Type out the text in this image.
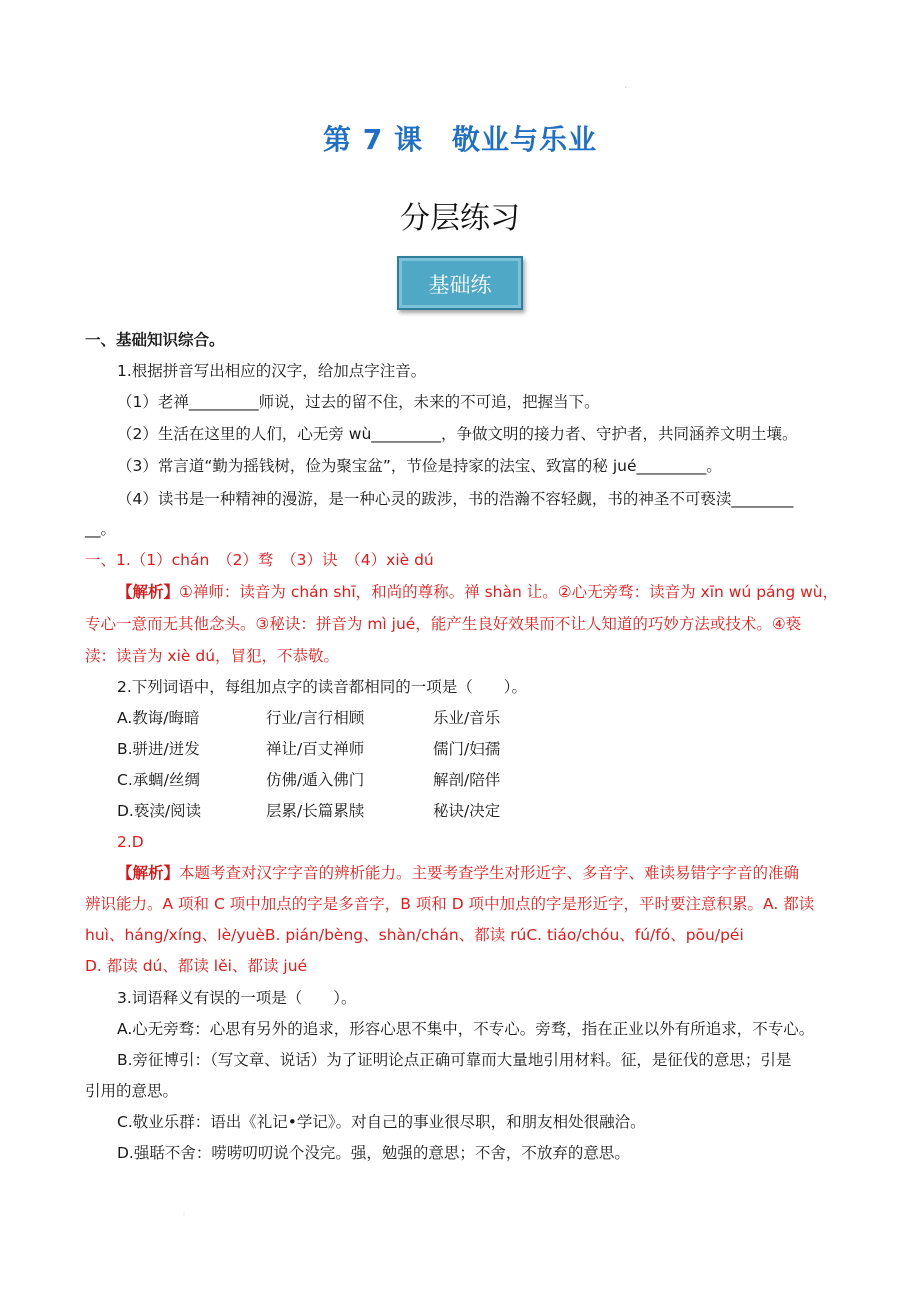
'
:
第 7 课　敬业与乐业
分层练习
基础练
一、基础知识综合。
1.根据拼音写出相应的汉字，给加点字注音。
（1）老禅_________师说，过去的留不住，未来的不可追，把握当下。
（2）生活在这里的人们，心无旁 wù_________，争做文明的接力者、守护者，共同涵养文明土壤。
（3）常言道“勤为摇钱树，俭为聚宝盆”，节俭是持家的法宝、致富的秘 jué_________。
（4）读书是一种精神的漫游，是一种心灵的跋涉，书的浩瀚不容轻觑，书的神圣不可亵渎________
__。
一、1.（1）chán　（2）骛　（3）诀　（4）xiè dú
【解析】①禅师：读音为 chán shī，和尚的尊称。禅 shàn 让。②心无旁骛：读音为 xīn wú páng wù，
专心一意而无其他念头。③秘诀：拼音为 mì jué，能产生良好效果而不让人知道的巧妙方法或技术。④亵
渎：读音为 xiè dú，冒犯，不恭敬。
2.下列词语中，每组加点字的读音都相同的一项是（　　）。
A.教诲/晦暗	行业/言行相顾	乐业/音乐
B.骈进/迸发	禅让/百丈禅师	儒门/妇孺
C.承蜩/丝绸	仿佛/遁入佛门	解剖/陪伴
D.亵渎/阅读	层累/长篇累牍	秘诀/决定
2.D
【解析】本题考查对汉字字音的辨析能力。主要考查学生对形近字、多音字、难读易错字字音的准确
辨识能力。A 项和 C 项中加点的字是多音字，B 项和 D 项中加点的字是形近字，平时要注意积累。A. 都读
huì、háng/xíng、lè/yuèB. pián/bèng、shàn/chán、都读 rúC. tiáo/chóu、fú/fó、pōu/péi
D. 都读 dú、都读 lěi、都读 jué
3.词语释义有误的一项是（　　）。
A.心无旁骛：心思有另外的追求，形容心思不集中，不专心。旁骛，指在正业以外有所追求，不专心。
B.旁征博引：（写文章、说话）为了证明论点正确可靠而大量地引用材料。征，是征伐的意思；引是
引用的意思。
C.敬业乐群：语出《礼记•学记》。对自己的事业很尽职，和朋友相处很融洽。
D.强聒不舍：唠唠叨叨说个没完。强，勉强的意思；不舍，不放弃的意思。
